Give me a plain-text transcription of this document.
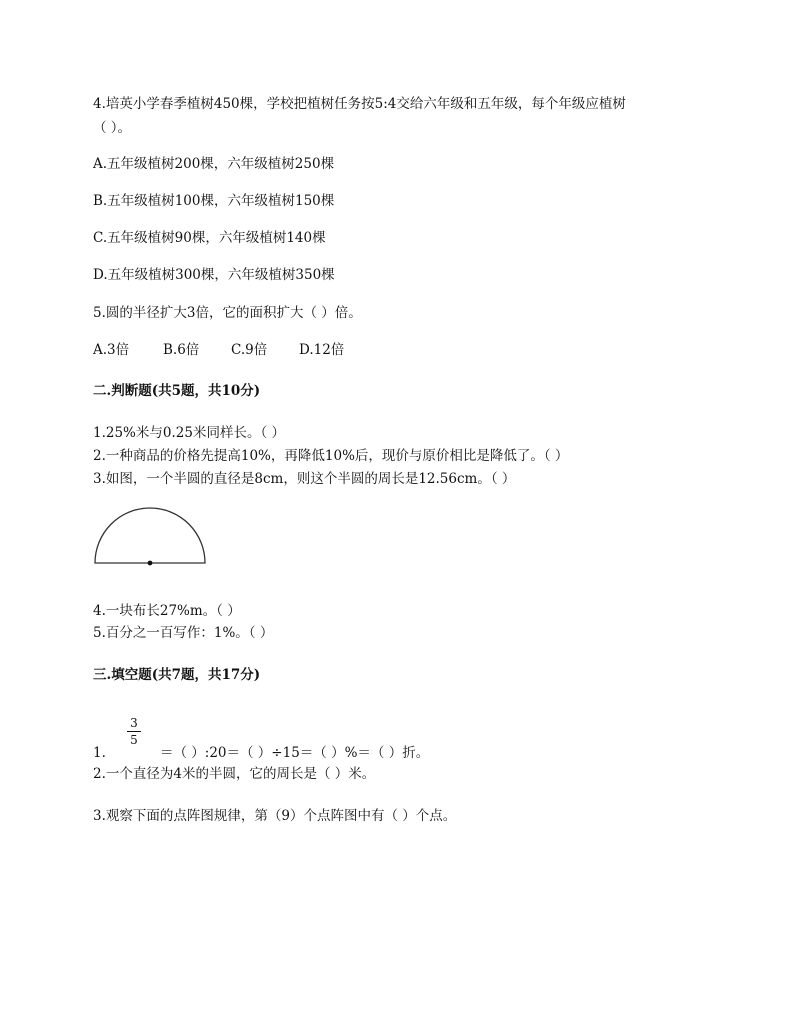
4.培英小学春季植树450棵，学校把植树任务按5:4交给六年级和五年级，每个年级应植树
（ ）。
A.五年级植树200棵，六年级植树250棵
B.五年级植树100棵，六年级植树150棵
C.五年级植树90棵，六年级植树140棵
D.五年级植树300棵，六年级植树350棵
5.圆的半径扩大3倍，它的面积扩大（ ）倍。
A.3倍	B.6倍 C.9倍 D.12倍
二.判断题(共5题，共10分)
1.25%米与0.25米同样长。（ ）
2.一种商品的价格先提高10%，再降低10%后，现价与原价相比是降低了。（ ）
3.如图，一个半圆的直径是8cm，则这个半圆的周长是12.56cm。（ ）
4.一块布长27%m。（ ）
5.百分之一百写作：1%。（ ）
三.填空题(共7题，共17分)
3
5
1.	＝（ ）:20＝（ ）÷15＝（ ）%＝（ ）折。
2.一个直径为4米的半圆，它的周长是（ ）米。
3.观察下面的点阵图规律，第（9）个点阵图中有（ ）个点。
